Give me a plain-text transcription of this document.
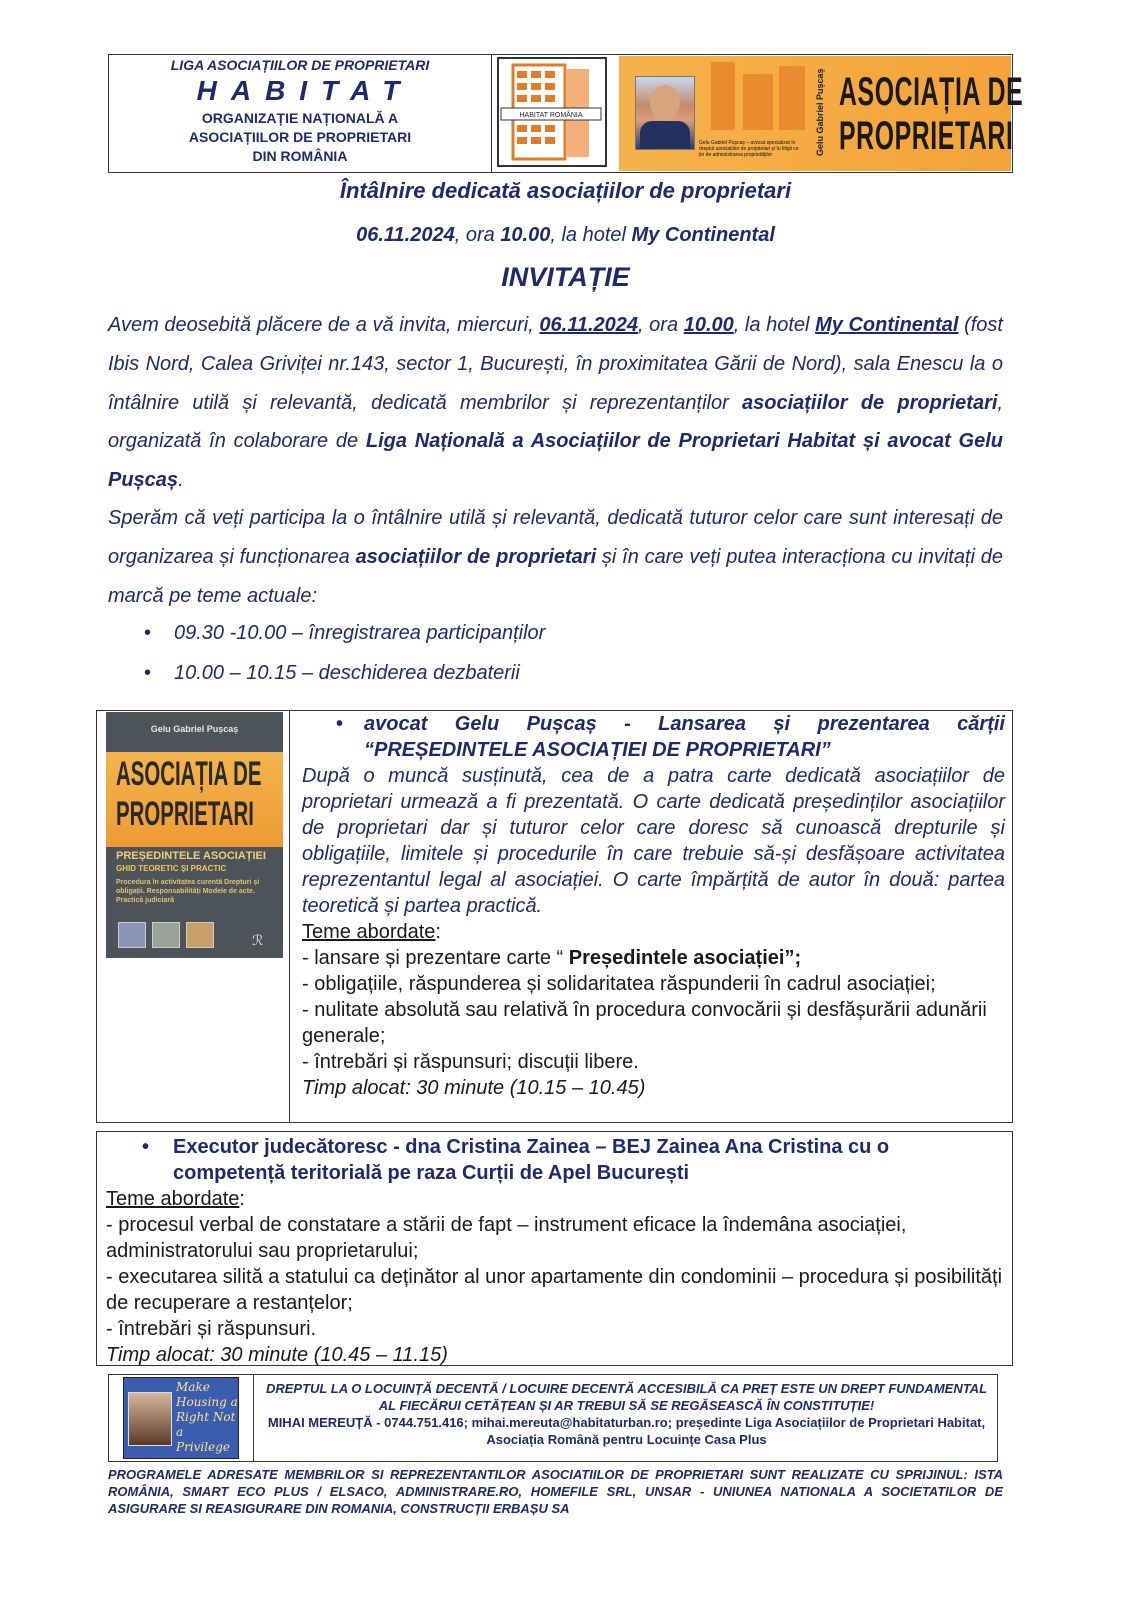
LIGA ASOCIAȚIILOR DE PROPRIETARI
HABITAT
ORGANIZAȚIE NAȚIONALĂ A
ASOCIAȚIILOR DE PROPRIETARI
DIN ROMÂNIA
HABITAT ROMÂNIA
Gelu Gabriel Pușcaș – avocat specializat în dreptul asociațiilor de proprietari și în litigii ce țin de administrarea proprietăților	Gelu Gabriel Pușcaș ASOCIAȚIA DE
PROPRIETARI
Întâlnire dedicată asociațiilor de proprietari
06.11.2024, ora 10.00, la hotel My Continental
INVITAȚIE
Avem deosebită plăcere de a vă invita, miercuri, 06.11.2024, ora 10.00, la hotel My Continental (fost Ibis Nord, Calea Griviței nr.143, sector 1, București, în proximitatea Gării de Nord), sala Enescu la o întâlnire utilă și relevantă, dedicată membrilor și reprezentanților asociațiilor de proprietari, organizată în colaborare de Liga Națională a Asociațiilor de Proprietari Habitat și avocat Gelu Pușcaș.
Sperăm că veți participa la o întâlnire utilă și relevantă, dedicată tuturor celor care sunt interesați de organizarea și funcționarea asociațiilor de proprietari și în care veți putea interacționa cu invitați de marcă pe teme actuale:
• 09.30 -10.00 – înregistrarea participanților
• 10.00 – 10.15 – deschiderea dezbaterii
Gelu Gabriel Pușcaș
ASOCIAȚIA DE
PROPRIETARI
PREȘEDINTELE ASOCIAȚIEI
GHID TEORETIC ȘI PRACTIC
Procedura în activitatea curentă Drepturi și obligații. Responsabilități Modele de acte. Practică judiciară
ℛ
• avocat Gelu Pușcaș - Lansarea și prezentarea cărții “PREȘEDINTELE ASOCIAȚIEI DE PROPRIETARI”
După o muncă susținută, cea de a patra carte dedicată asociațiilor de proprietari urmează a fi prezentată. O carte dedicată președinților asociațiilor de proprietari dar și tuturor celor care doresc să cunoască drepturile și obligațiile, limitele și procedurile în care trebuie să-și desfășoare activitatea reprezentantul legal al asociației. O carte împărțită de autor în două: partea teoretică și partea practică.
Teme abordate:
- lansare și prezentare carte “ Președintele asociației”;
- obligațiile, răspunderea și solidaritatea răspunderii în cadrul asociației;
- nulitate absolută sau relativă în procedura convocării și desfășurării adunării generale;
- întrebări și răspunsuri; discuții libere.
Timp alocat: 30 minute (10.15 – 10.45)
• Executor judecătoresc - dna Cristina Zainea – BEJ Zainea Ana Cristina cu o competență teritorială pe raza Curții de Apel București
Teme abordate:
- procesul verbal de constatare a stării de fapt – instrument eficace la îndemâna asociației, administratorului sau proprietarului;
- executarea silită a statului ca deținător al unor apartamente din condominii – procedura și posibilități de recuperare a restanțelor;
- întrebări și răspunsuri.
Timp alocat: 30 minute (10.45 – 11.15)
Make Housing a Right Not a Privilege
DREPTUL LA O LOCUINȚĂ DECENTĂ / LOCUIRE DECENTĂ ACCESIBILĂ CA PREȚ ESTE UN DREPT FUNDAMENTAL AL FIECĂRUI CETĂȚEAN ȘI AR TREBUI SĂ SE REGĂSEASCĂ ÎN CONSTITUȚIE!
MIHAI MEREUȚĂ - 0744.751.416; mihai.mereuta@habitaturban.ro; președinte Liga Asociațiilor de Proprietari Habitat, Asociația Română pentru Locuințe Casa Plus
PROGRAMELE ADRESATE MEMBRILOR SI REPREZENTANTILOR ASOCIATIILOR DE PROPRIETARI SUNT REALIZATE CU SPRIJINUL: ISTA ROMÂNIA, SMART ECO PLUS / ELSACO, ADMINISTRARE.RO, HOMEFILE SRL, UNSAR - UNIUNEA NATIONALA A SOCIETATILOR DE ASIGURARE SI REASIGURARE DIN ROMANIA, CONSTRUCȚII ERBAȘU SA
